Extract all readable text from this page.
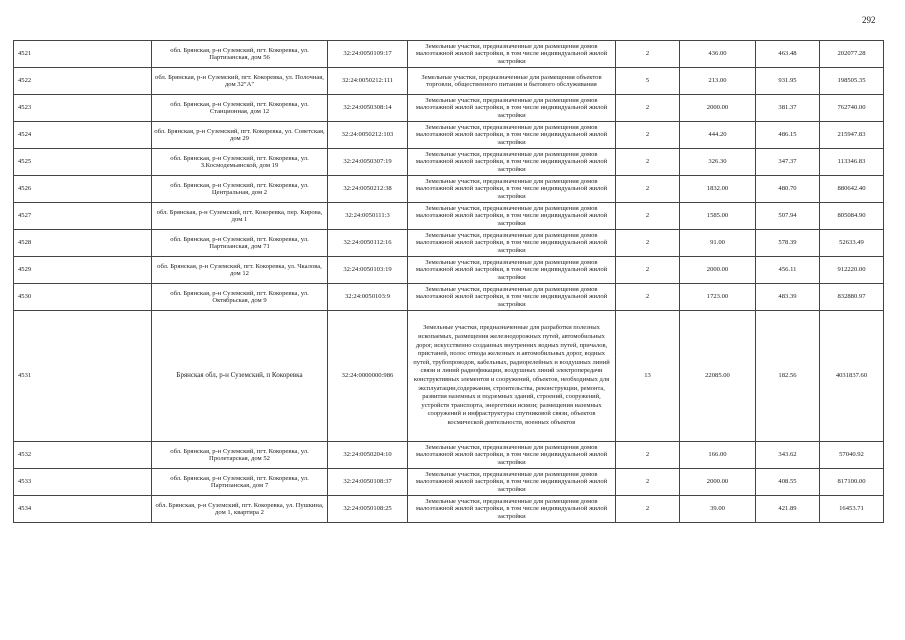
292
4521	обл. Брянская, р-н Суземский, пгт. Кокоревка, ул. Партизанская, дом 56	32:24:0050109:17	Земельные участки, предназначенные для размещения домов малоэтажной жилой застройки, в том числе индивидуальной жилой застройки	2	436.00	463.48	202077.28
4522	обл. Брянская, р-н Суземский, пгт. Кокоревка, ул. Полочная, дом 32"А"	32:24:0050212:111	Земельные участки, предназначенные для размещения объектов торговли, общественного питания и бытового обслуживания	5	213.00	931.95	198505.35
4523	обл. Брянская, р-н Суземский, пгт. Кокоревка, ул. Станционная, дом 12	32:24:0050308:14	Земельные участки, предназначенные для размещения домов малоэтажной жилой застройки, в том числе индивидуальной жилой застройки	2	2000.00	381.37	762740.00
4524	обл. Брянская, р-н Суземский, пгт. Кокоревка, ул. Советская, дом 29	32:24:0050212:103	Земельные участки, предназначенные для размещения домов малоэтажной жилой застройки, в том числе индивидуальной жилой застройки	2	444.20	486.15	215947.83
4525	обл. Брянская, р-н Суземский, пгт. Кокоревка, ул. З.Космодемьянской, дом 19	32:24:0050307:19	Земельные участки, предназначенные для размещения домов малоэтажной жилой застройки, в том числе индивидуальной жилой застройки	2	326.30	347.37	113346.83
4526	обл. Брянская, р-н Суземский, пгт. Кокоревка, ул. Центральная, дом 2	32:24:0050212:38	Земельные участки, предназначенные для размещения домов малоэтажной жилой застройки, в том числе индивидуальной жилой застройки	2	1832.00	480.70	880642.40
4527	обл. Брянская, р-н Суземский, пгт. Кокоревка, пер. Кирова, дом 1	32:24:0050111:3	Земельные участки, предназначенные для размещения домов малоэтажной жилой застройки, в том числе индивидуальной жилой застройки	2	1585.00	507.94	805084.90
4528	обл. Брянская, р-н Суземский, пгт. Кокоревка, ул. Партизанская, дом 71	32:24:0050112:16	Земельные участки, предназначенные для размещения домов малоэтажной жилой застройки, в том числе индивидуальной жилой застройки	2	91.00	578.39	52633.49
4529	обл. Брянская, р-н Суземский, пгт. Кокоревка, ул. Чкалова, дом 12	32:24:0050103:19	Земельные участки, предназначенные для размещения домов малоэтажной жилой застройки, в том числе индивидуальной жилой застройки	2	2000.00	456.11	912220.00
4530	обл. Брянская, р-н Суземский, пгт. Кокоревка, ул. Октябрьская, дом 9	32:24:0050103:9	Земельные участки, предназначенные для размещения домов малоэтажной жилой застройки, в том числе индивидуальной жилой застройки	2	1723.00	483.39	832880.97
4531	Брянская обл, р-н Суземский, п Кокоревка	32:24:0000000:986	Земельные участки, предназначенные для разработки полезных ископаемых, размещения железнодорожных путей, автомобильных дорог, искусственно созданных внутренних водных путей, причалов, пристаней, полос отвода железных и автомобильных дорог, водных путей, трубопроводов, кабельных, радиорелейных и воздушных линий связи и линий радиофикации, воздушных линий электропередачи конструктивных элементов и сооружений, объектов, необходимых для эксплуатации,содержания, строительства, реконструкции, ремонта, развития наземных и подземных зданий, строений, сооружений, устройств транспорта, энергетики исвязи; размещения наземных сооружений и инфраструктуры спутниковой связи, объектов космической деятельности, военных объектов	13	22085.00	182.56	4031837.60
4532	обл. Брянская, р-н Суземский, пгт. Кокоревка, ул. Пролетарская, дом 52	32:24:0050204:10	Земельные участки, предназначенные для размещения домов малоэтажной жилой застройки, в том числе индивидуальной жилой застройки	2	166.00	343.62	57040.92
4533	обл. Брянская, р-н Суземский, пгт. Кокоревка, ул. Партизанская, дом 7	32:24:0050108:37	Земельные участки, предназначенные для размещения домов малоэтажной жилой застройки, в том числе индивидуальной жилой застройки	2	2000.00	408.55	817100.00
4534	обл. Брянская, р-н Суземский, пгт. Кокоревка, ул. Пушкина, дом 1, квартира 2	32:24:0050108:25	Земельные участки, предназначенные для размещения домов малоэтажной жилой застройки, в том числе индивидуальной жилой застройки	2	39.00	421.89	16453.71
